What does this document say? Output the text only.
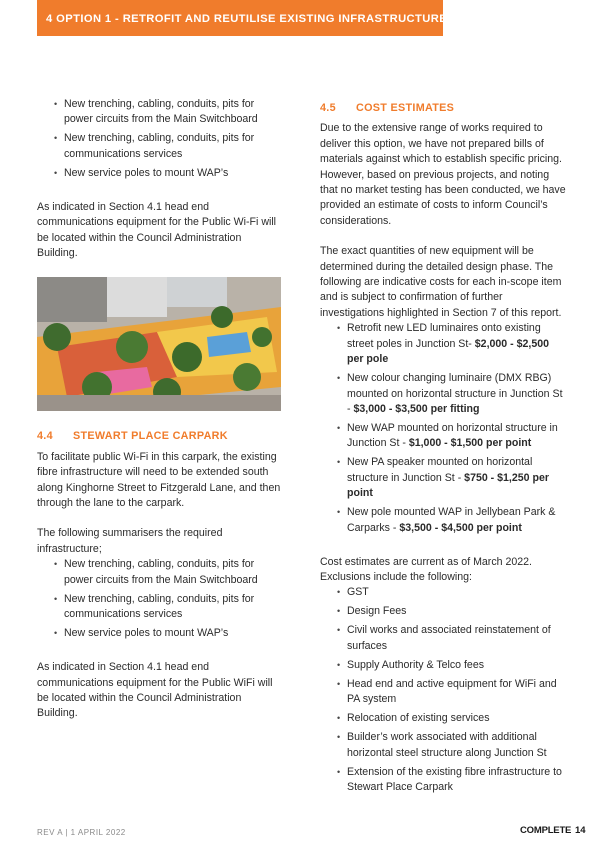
4 OPTION 1 - RETROFIT AND REUTILISE EXISTING INFRASTRUCTURE
• New trenching, cabling, conduits, pits for power circuits from the Main Switchboard
• New trenching, cabling, conduits, pits for communications services
• New service poles to mount WAP’s

As indicated in Section 4.1 head end communications equipment for the Public Wi-Fi will be located within the Council Administration Building.

4.4 STEWART PLACE CARPARK

To facilitate public Wi-Fi in this carpark, the existing fibre infrastructure will need to be extended south along Kinghorne Street to Fitzgerald Lane, and then through the lane to the carpark.

The following summarisers the required infrastructure;

• New trenching, cabling, conduits, pits for power circuits from the Main Switchboard
• New trenching, cabling, conduits, pits for communications services
• New service poles to mount WAP’s

As indicated in Section 4.1 head end communications equipment for the Public WiFi will be located within the Council Administration Building.

4.5 COST ESTIMATES

Due to the extensive range of works required to deliver this option, we have not prepared bills of materials against which to establish specific pricing. However, based on previous projects, and noting that no market testing has been conducted, we have provided an estimate of costs to inform Council’s considerations.

The exact quantities of new equipment will be determined during the detailed design phase. The following are indicative costs for each in-scope item and is subject to confirmation of further investigations highlighted in Section 7 of this report.

• Retrofit new LED luminaires onto existing street poles in Junction St- $2,000 - $2,500 per pole
• New colour changing luminaire (DMX RBG) mounted on horizontal structure in Junction St - $3,000 - $3,500 per fitting
• New WAP mounted on horizontal structure in Junction St - $1,000 - $1,500 per point
• New PA speaker mounted on horizontal structure in Junction St - $750 - $1,250 per point
• New pole mounted WAP in Jellybean Park & Carparks - $3,500 - $4,500 per point

Cost estimates are current as of March 2022. Exclusions include the following:

• GST
• Design Fees
• Civil works and associated reinstatement of surfaces
• Supply Authority & Telco fees
• Head end and active equipment for WiFi and PA system
• Relocation of existing services
• Builder’s work associated with additional horizontal steel structure along Junction St
• Extension of the existing fibre infrastructure to Stewart Place Carpark
REV A | 1 APRIL 2022	COMPLETE 14
